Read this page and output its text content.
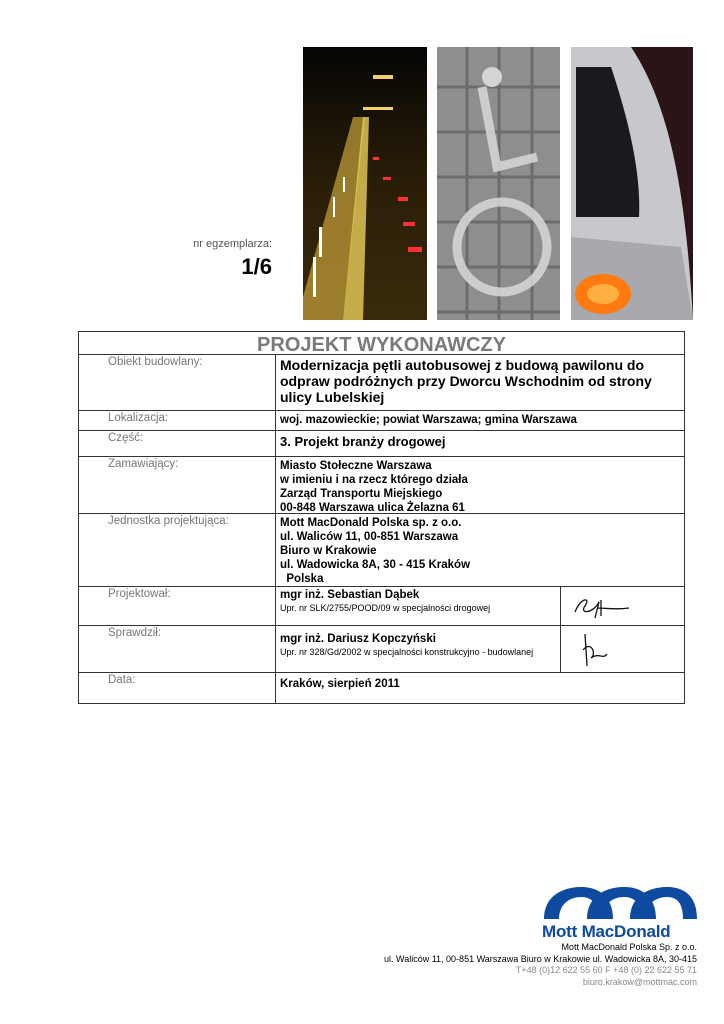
nr egzemplarza:
1/6
PROJEKT WYKONAWCZY
Obiekt budowlany:	Modernizacja pętli autobusowej z budową pawilonu do
odpraw podróżnych przy Dworcu Wschodnim od strony
ulicy Lubelskiej
Lokalizacja:	woj. mazowieckie; powiat Warszawa; gmina Warszawa
Część:	3. Projekt branży drogowej
Zamawiający:	Miasto Stołeczne Warszawa
w imieniu i na rzecz którego działa
Zarząd Transportu Miejskiego
00-848 Warszawa ulica Żelazna 61
Jednostka projektująca:	Mott MacDonald Polska sp. z o.o.
ul. Waliców 11, 00-851 Warszawa
Biuro w Krakowie
ul. Wadowicka 8A, 30 - 415 Kraków
Polska
Projektował:	mgr inż. Sebastian Dąbek
Upr. nr SLK/2755/POOD/09 w specjalności drogowej
Sprawdził:	mgr inż. Dariusz Kopczyński
Upr. nr 328/Gd/2002 w specjalności konstrukcyjno - budowlanej
Data:	Kraków, sierpień 2011
Mott MacDonald
Mott MacDonald Polska Sp. z o.o.
ul. Waliców 11, 00-851 Warszawa Biuro w Krakowie ul. Wadowicka 8A, 30-415
T+48 (0)12 622 55 60 F +48 (0) 22 622 55 71
biuro.krakow@mottmac.com
